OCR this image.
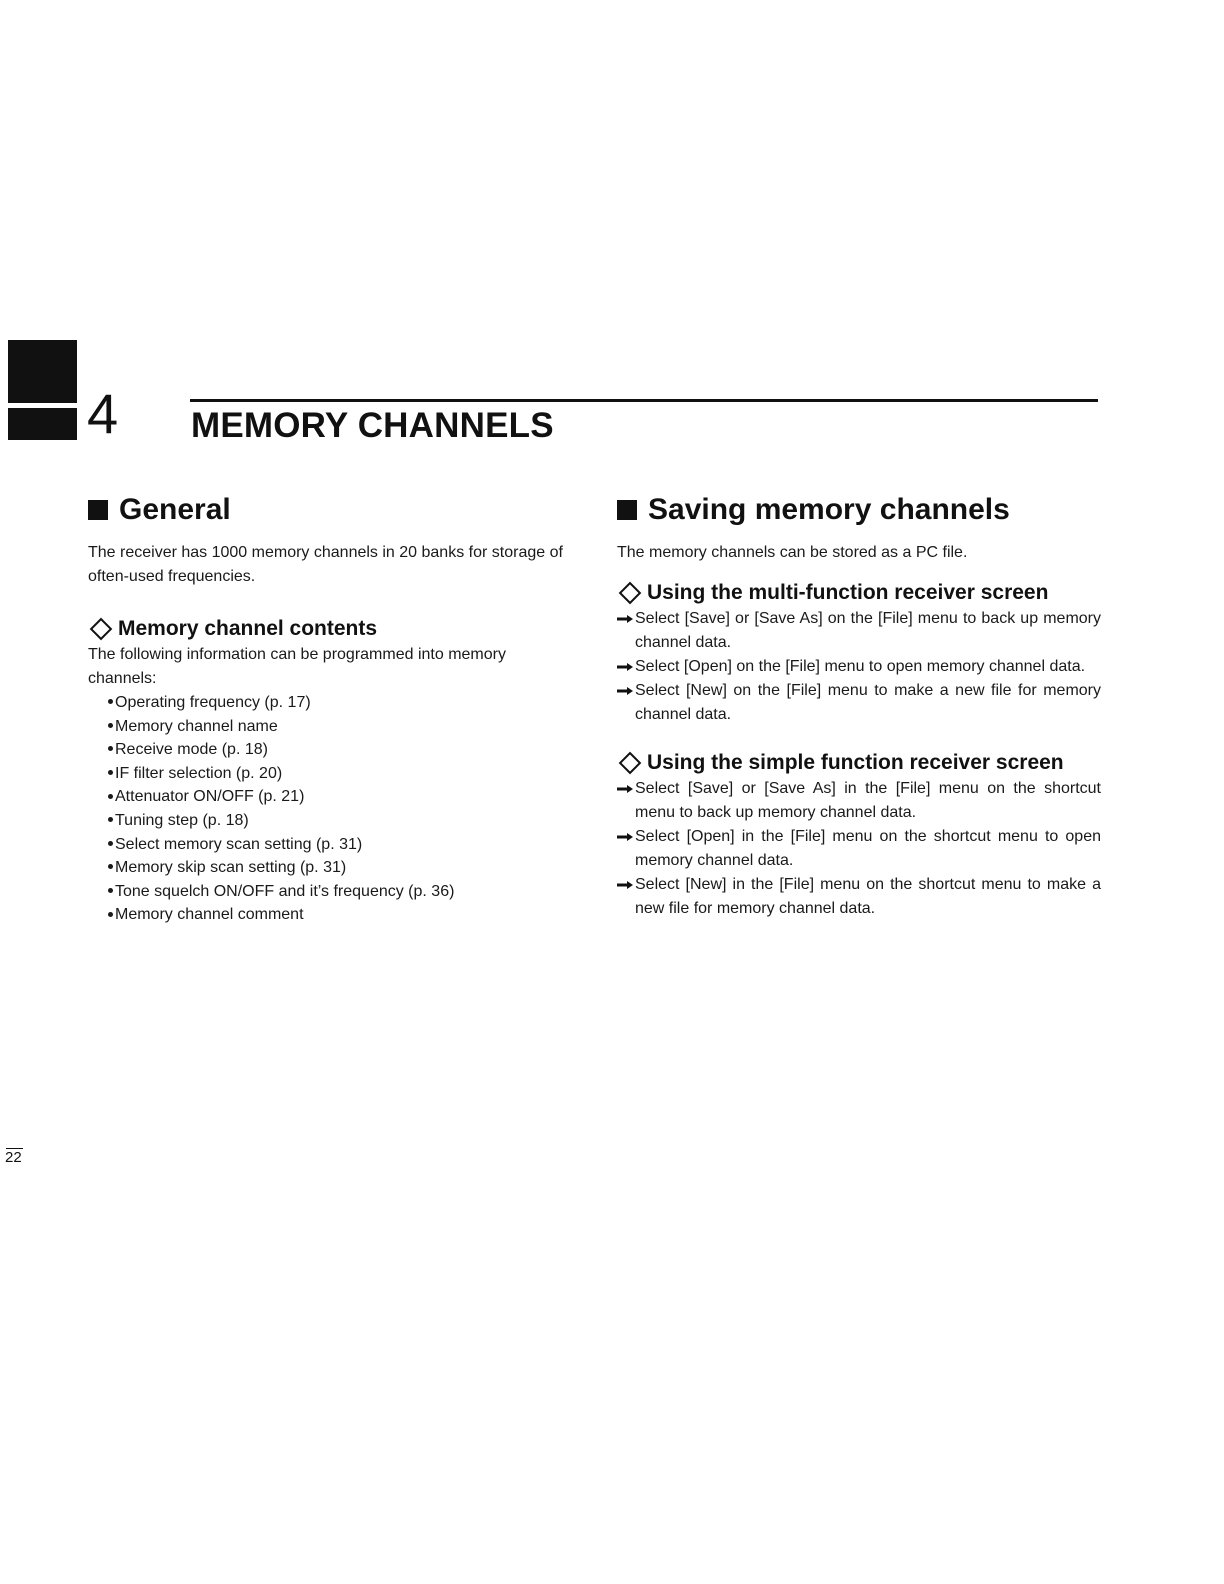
4 MEMORY CHANNELS
General

The receiver has 1000 memory channels in 20 banks for storage of often-used frequencies.

Memory channel contents

The following information can be programmed into memory channels:

Operating frequency (p. 17)
Memory channel name
Receive mode (p. 18)
IF filter selection (p. 20)
Attenuator ON/OFF (p. 21)
Tuning step (p. 18)
Select memory scan setting (p. 31)
Memory skip scan setting (p. 31)
Tone squelch ON/OFF and it’s frequency (p. 36)
Memory channel comment
Saving memory channels

The memory channels can be stored as a PC file.

Using the multi-function receiver screen
Select [Save] or [Save As] on the [File] menu to back up memory channel data.
Select [Open] on the [File] menu to open memory channel data.
Select [New] on the [File] menu to make a new file for memory channel data.
Using the simple function receiver screen
Select [Save] or [Save As] in the [File] menu on the shortcut menu to back up memory channel data.
Select [Open] in the [File] menu on the shortcut menu to open memory channel data.
Select [New] in the [File] menu on the shortcut menu to make a new file for memory channel data.
22
